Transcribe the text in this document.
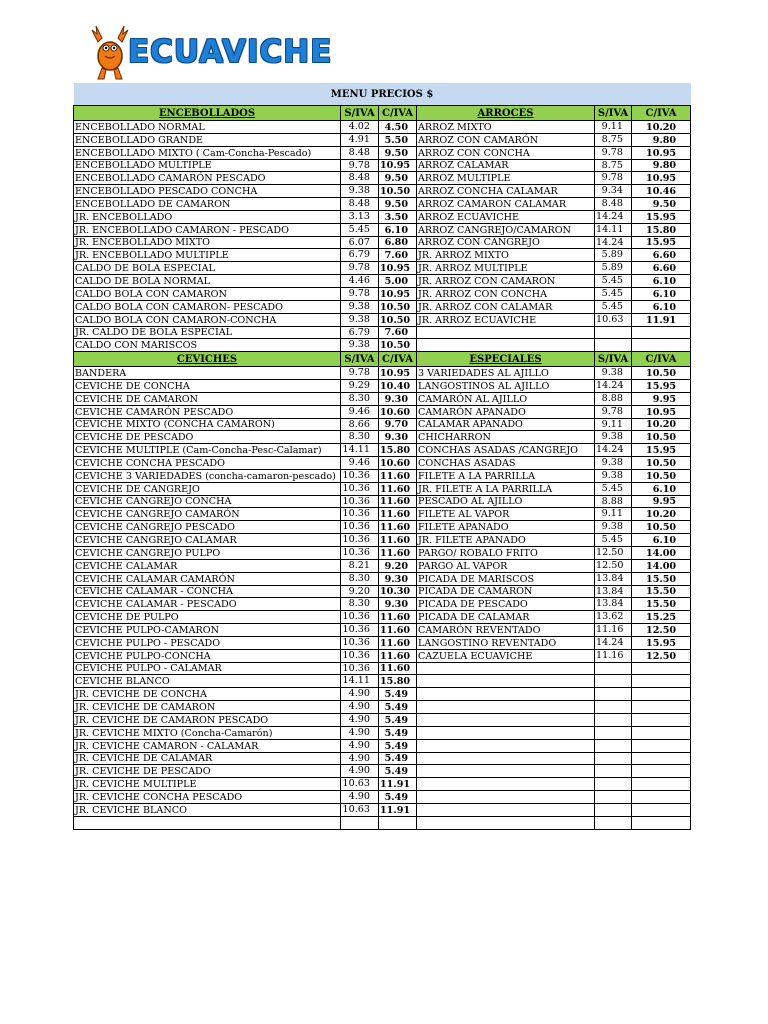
ECUAVICHE
MENU PRECIOS $					
ENCEBOLLADOS	S/IVA	C/IVA	ARROCES	S/IVA	C/IVA
ENCEBOLLADO NORMAL	4.02	4.50	ARROZ MIXTO	9.11	10.20
ENCEBOLLADO GRANDE	4.91	5.50	ARROZ CON CAMARÓN	8.75	9.80
ENCEBOLLADO MIXTO ( Cam-Concha-Pescado)	8.48	9.50	ARROZ CON CONCHA	9.78	10.95
ENCEBOLLADO MULTIPLE	9.78	10.95	ARROZ CALAMAR	8.75	9.80
ENCEBOLLADO CAMARÓN PESCADO	8.48	9.50	ARROZ MULTIPLE	9.78	10.95
ENCEBOLLADO PESCADO CONCHA	9.38	10.50	ARROZ CONCHA CALAMAR	9.34	10.46
ENCEBOLLADO DE CAMARON	8.48	9.50	ARROZ CAMARON CALAMAR	8.48	9.50
JR. ENCEBOLLADO	3.13	3.50	ARROZ ECUAVICHE	14.24	15.95
JR. ENCEBOLLADO CAMARON - PESCADO	5.45	6.10	ARROZ CANGREJO/CAMARON	14.11	15.80
JR. ENCEBOLLADO MIXTO	6.07	6.80	ARROZ CON CANGREJO	14.24	15.95
JR. ENCEBOLLADO MULTIPLE	6.79	7.60	JR. ARROZ MIXTO	5.89	6.60
CALDO DE BOLA ESPECIAL	9.78	10.95	JR. ARROZ MULTIPLE	5.89	6.60
CALDO DE BOLA NORMAL	4.46	5.00	JR. ARROZ CON CAMARON	5.45	6.10
CALDO BOLA CON CAMARON	9.78	10.95	JR. ARROZ CON CONCHA	5.45	6.10
CALDO BOLA CON CAMARON- PESCADO	9.38	10.50	JR. ARROZ CON CALAMAR	5.45	6.10
CALDO BOLA CON CAMARON-CONCHA	9.38	10.50	JR. ARROZ ECUAVICHE	10.63	11.91
JR. CALDO DE BOLA ESPECIAL	6.79	7.60			
CALDO CON MARISCOS	9.38	10.50			
CEVICHES	S/IVA	C/IVA	ESPECIALES	S/IVA	C/IVA
BANDERA	9.78	10.95	3 VARIEDADES AL AJILLO	9.38	10.50
CEVICHE DE CONCHA	9.29	10.40	LANGOSTINOS AL AJILLO	14.24	15.95
CEVICHE DE CAMARON	8.30	9.30	CAMARÓN AL AJILLO	8.88	9.95
CEVICHE CAMARÓN PESCADO	9.46	10.60	CAMARÓN APANADO	9.78	10.95
CEVICHE MIXTO (CONCHA CAMARON)	8.66	9.70	CALAMAR APANADO	9.11	10.20
CEVICHE DE PESCADO	8.30	9.30	CHICHARRON	9.38	10.50
CEVICHE MULTIPLE (Cam-Concha-Pesc-Calamar)	14.11	15.80	CONCHAS ASADAS /CANGREJO	14.24	15.95
CEVICHE CONCHA PESCADO	9.46	10.60	CONCHAS ASADAS	9.38	10.50
CEVICHE 3 VARIEDADES (concha-camaron-pescado)	10.36	11.60	FILETE A LA PARRILLA	9.38	10.50
CEVICHE DE CANGREJO	10.36	11.60	JR. FILETE A LA PARRILLA	5.45	6.10
CEVICHE CANGREJO CONCHA	10.36	11.60	PESCADO AL AJILLO	8.88	9.95
CEVICHE CANGREJO CAMARÓN	10.36	11.60	FILETE AL VAPOR	9.11	10.20
CEVICHE CANGREJO PESCADO	10.36	11.60	FILETE APANADO	9.38	10.50
CEVICHE CANGREJO CALAMAR	10.36	11.60	JR. FILETE APANADO	5.45	6.10
CEVICHE CANGREJO PULPO	10.36	11.60	PARGO/ ROBALO FRITO	12.50	14.00
CEVICHE CALAMAR	8.21	9.20	PARGO AL VAPOR	12.50	14.00
CEVICHE CALAMAR CAMARÓN	8.30	9.30	PICADA DE MARISCOS	13.84	15.50
CEVICHE CALAMAR - CONCHA	9.20	10.30	PICADA DE CAMARON	13.84	15.50
CEVICHE CALAMAR - PESCADO	8.30	9.30	PICADA DE PESCADO	13.84	15.50
CEVICHE DE PULPO	10.36	11.60	PICADA DE CALAMAR	13.62	15.25
CEVICHE PULPO-CAMARON	10.36	11.60	CAMARÓN REVENTADO	11.16	12.50
CEVICHE PULPO - PESCADO	10.36	11.60	LANGOSTINO REVENTADO	14.24	15.95
CEVICHE PULPO-CONCHA	10.36	11.60	CAZUELA ECUAVICHE	11.16	12.50
CEVICHE PULPO - CALAMAR	10.36	11.60			
CEVICHE BLANCO	14.11	15.80			
JR. CEVICHE DE CONCHA	4.90	5.49			
JR. CEVICHE DE CAMARON	4.90	5.49			
JR. CEVICHE DE CAMARON PESCADO	4.90	5.49			
JR. CEVICHE MIXTO (Concha-Camarón)	4.90	5.49			
JR. CEVICHE CAMARON - CALAMAR	4.90	5.49			
JR. CEVICHE DE CALAMAR	4.90	5.49			
JR. CEVICHE DE PESCADO	4.90	5.49			
JR. CEVICHE MULTIPLE	10.63	11.91			
JR. CEVICHE CONCHA PESCADO	4.90	5.49			
JR. CEVICHE BLANCO	10.63	11.91			
